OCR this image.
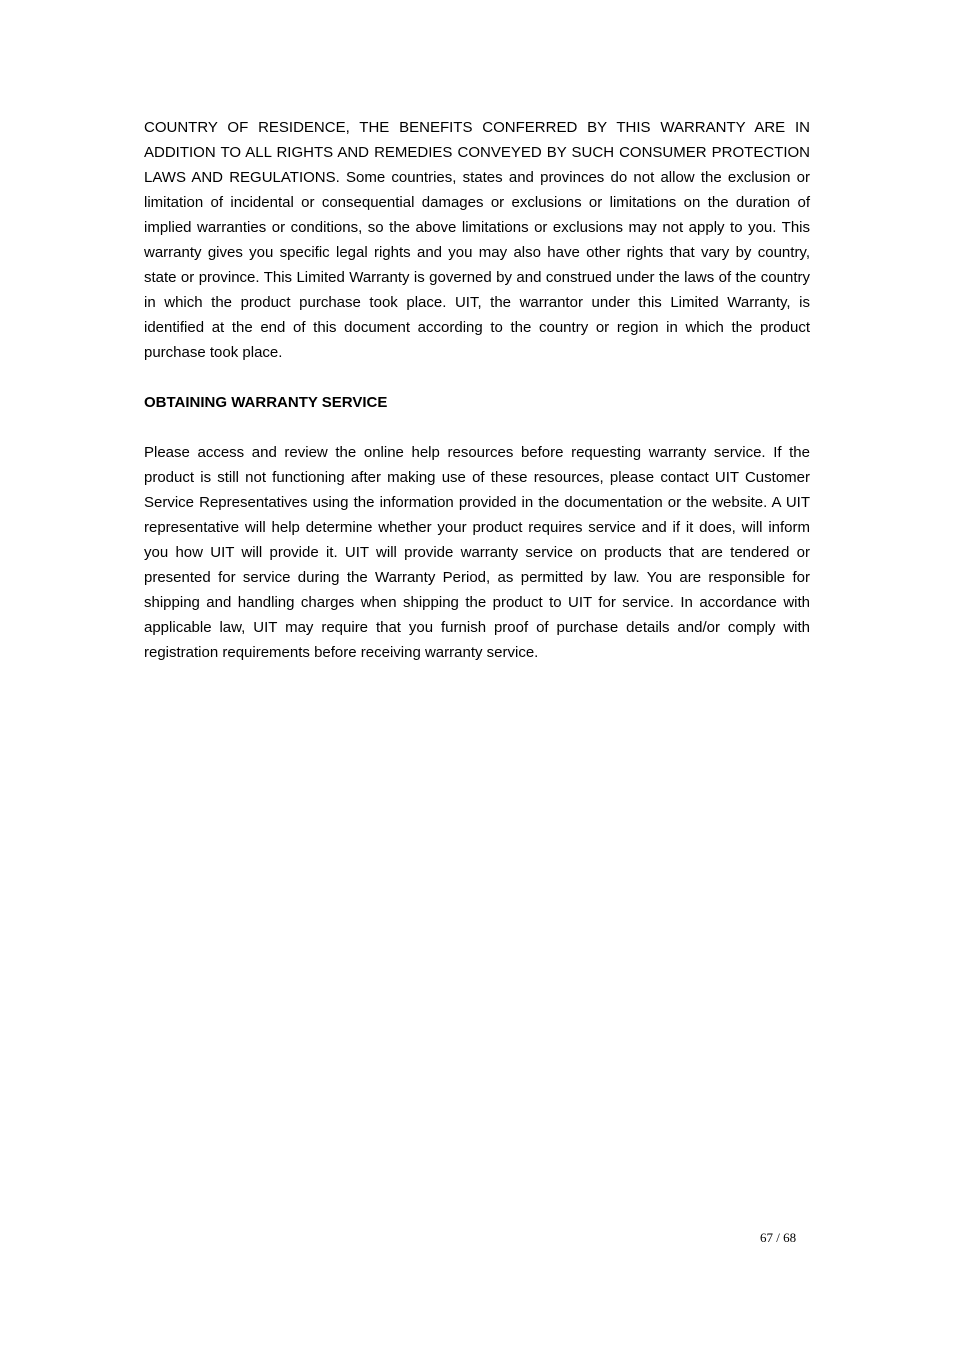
COUNTRY OF RESIDENCE, THE BENEFITS CONFERRED BY THIS WARRANTY ARE IN ADDITION TO ALL RIGHTS AND REMEDIES CONVEYED BY SUCH CONSUMER PROTECTION LAWS AND REGULATIONS. Some countries, states and provinces do not allow the exclusion or limitation of incidental or consequential damages or exclusions or limitations on the duration of implied warranties or conditions, so the above limitations or exclusions may not apply to you. This warranty gives you specific legal rights and you may also have other rights that vary by country, state or province. This Limited Warranty is governed by and construed under the laws of the country in which the product purchase took place. UIT, the warrantor under this Limited Warranty, is identified at the end of this document according to the country or region in which the product purchase took place.

OBTAINING WARRANTY SERVICE

Please access and review the online help resources before requesting warranty service. If the product is still not functioning after making use of these resources, please contact UIT Customer Service Representatives using the information provided in the documentation or the website. A UIT representative will help determine whether your product requires service and if it does, will inform you how UIT will provide it. UIT will provide warranty service on products that are tendered or presented for service during the Warranty Period, as permitted by law. You are responsible for shipping and handling charges when shipping the product to UIT for service. In accordance with applicable law, UIT may require that you furnish proof of purchase details and/or comply with registration requirements before receiving warranty service.

67 / 68
